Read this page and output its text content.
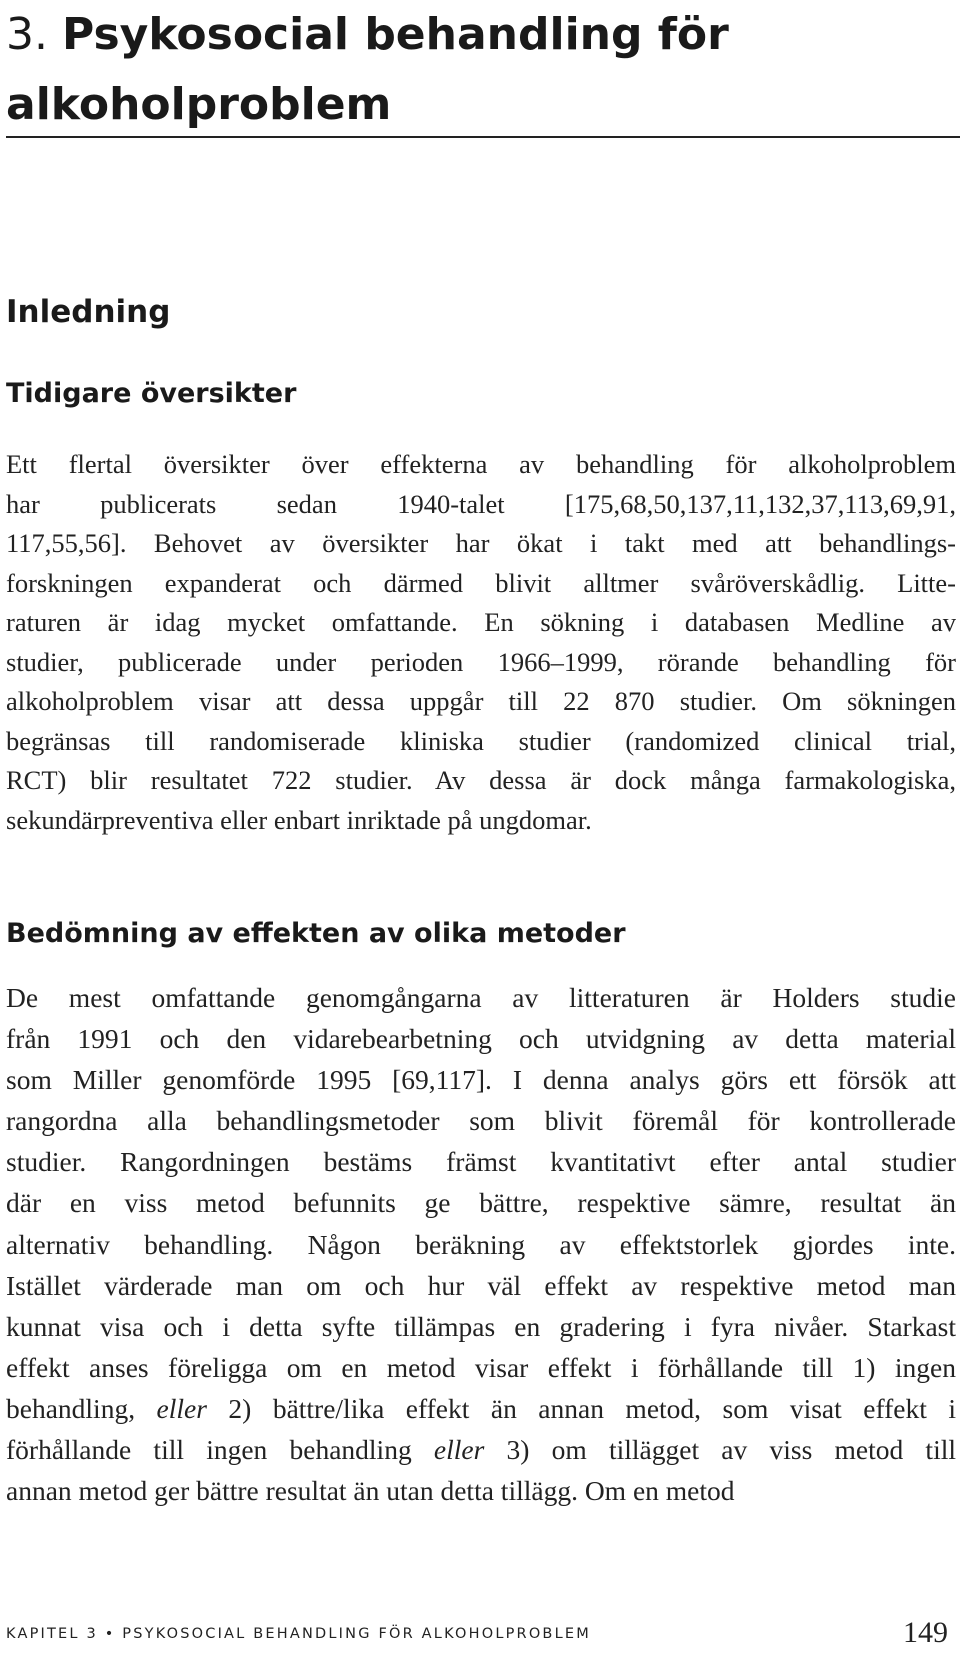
3. Psykosocial behandling för
alkoholproblem
Inledning
Tidigare översikter

Ett flertal översikter över effekterna av behandling för alkoholproblem
har publicerats sedan 1940-talet [175,68,50,137,11,132,37,113,69,91,
117,55,56]. Behovet av översikter har ökat i takt med att behandlings-
forskningen expanderat och därmed blivit alltmer svåröverskådlig. Litte-
raturen är idag mycket omfattande. En sökning i databasen Medline av
studier, publicerade under perioden 1966–1999, rörande behandling för
alkoholproblem visar att dessa uppgår till 22 870 studier. Om sökningen
begränsas till randomiserade kliniska studier (randomized clinical trial,
RCT) blir resultatet 722 studier. Av dessa är dock många farmakologiska,
sekundärpreventiva eller enbart inriktade på ungdomar.

Bedömning av effekten av olika metoder

De mest omfattande genomgångarna av litteraturen är Holders studie
från 1991 och den vidarebearbetning och utvidgning av detta material
som Miller genomförde 1995 [69,117]. I denna analys görs ett försök att
rangordna alla behandlingsmetoder som blivit föremål för kontrollerade
studier. Rangordningen bestäms främst kvantitativt efter antal studier
där en viss metod befunnits ge bättre, respektive sämre, resultat än
alternativ behandling. Någon beräkning av effektstorlek gjordes inte.
Istället värderade man om och hur väl effekt av respektive metod man
kunnat visa och i detta syfte tillämpas en gradering i fyra nivåer. Starkast
effekt anses föreligga om en metod visar effekt i förhållande till 1) ingen
behandling, eller 2) bättre/lika effekt än annan metod, som visat effekt i
förhållande till ingen behandling eller 3) om tillägget av viss metod till
annan metod ger bättre resultat än utan detta tillägg. Om en metod

KAPITEL 3 • PSYKOSOCIAL BEHANDLING FÖR ALKOHOLPROBLEM	149
